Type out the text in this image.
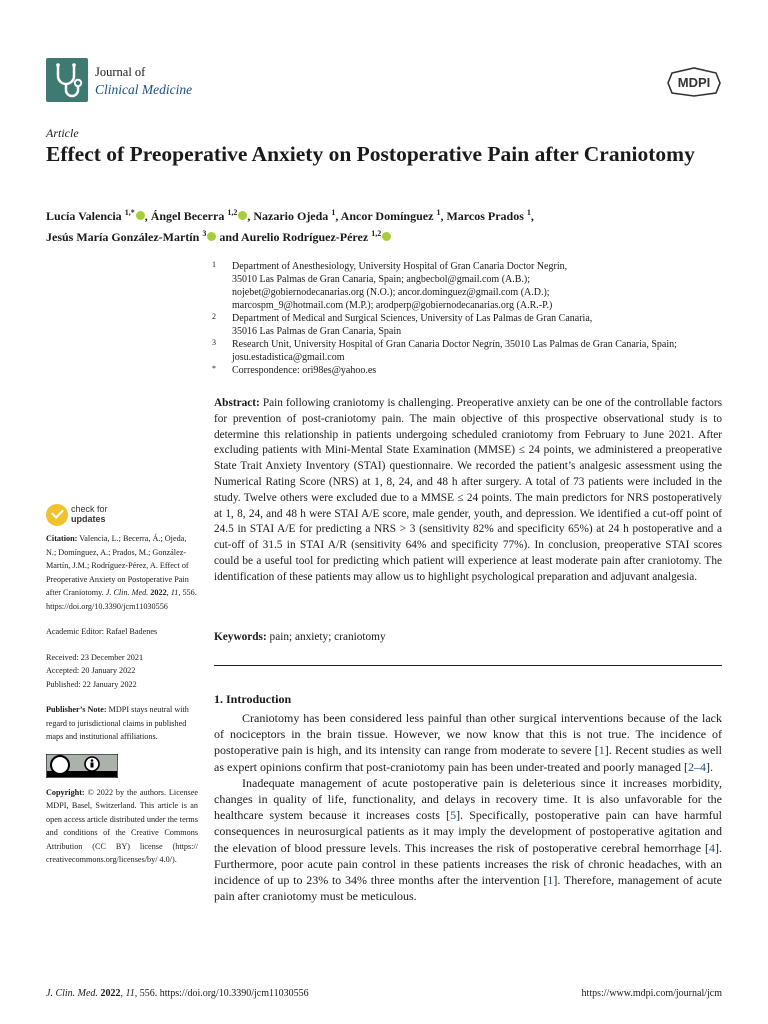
Journal of
Clinical Medicine	MDPI
Article
Effect of Preoperative Anxiety on Postoperative Pain after Craniotomy
Lucía Valencia $^{1,*}$ , Ángel Becerra $^{1,2}$ , Nazario Ojeda $^1$, Ancor Domínguez $^1$, Marcos Prados $^1$,
Jesús María González-Martín $^3$ and Aurelio Rodríguez-Pérez $^{1,2}$
1 Department of Anesthesiology, University Hospital of Gran Canaria Doctor Negrín,
35010 Las Palmas de Gran Canaria, Spain; angbecbol@gmail.com (A.B.);
nojebet@gobiernodecanarias.org (N.O.); ancor.dominguez@gmail.com (A.D.);
marcospm_9@hotmail.com (M.P.); arodperp@gobiernodecanarias.org (A.R.-P.)
2 Department of Medical and Surgical Sciences, University of Las Palmas de Gran Canaria,
35016 Las Palmas de Gran Canaria, Spain
3 Research Unit, University Hospital of Gran Canaria Doctor Negrín, 35010 Las Palmas de Gran Canaria, Spain;
josu.estadistica@gmail.com
* Correspondence: ori98es@yahoo.es
Abstract: Pain following craniotomy is challenging. Preoperative anxiety can be one of the controllable factors for prevention of post-craniotomy pain. The main objective of this prospective observational study is to determine this relationship in patients undergoing scheduled craniotomy from February to June 2021. After excluding patients with Mini-Mental State Examination (MMSE) ≤ 24 points, we administered a preoperative State Trait Anxiety Inventory (STAI) questionnaire. We recorded the patient’s analgesic assessment using the Numerical Rating Score (NRS) at 1, 8, 24, and 48 h after surgery. A total of 73 patients were included in the study. Twelve others were excluded due to a MMSE ≤ 24 points. The main predictors for NRS postoperatively at 1, 8, 24, and 48 h were STAI A/E score, male gender, youth, and depression. We identified a cut-off point of 24.5 in STAI A/E for predicting a NRS > 3 (sensitivity 82% and specificity 65%) at 24 h postoperative and a cut-off of 31.5 in STAI A/R (sensitivity 64% and specificity 77%). In conclusion, preoperative STAI scores could be a useful tool for predicting which patient will experience at least moderate pain after craniotomy. The identification of these patients may allow us to highlight psychological preparation and adjuvant analgesia.
Keywords: pain; anxiety; craniotomy
check for
updates

Citation: Valencia, L.; Becerra, Á.; Ojeda, N.; Domínguez, A.; Prados, M.; González-Martín, J.M.; Rodríguez-Pérez, A. Effect of Preoperative Anxiety on Postoperative Pain after Craniotomy. J. Clin. Med. 2022, 11, 556. https://doi.org/10.3390/jcm11030556

Academic Editor: Rafael Badenes

Received: 23 December 2021

Accepted: 20 January 2022

Published: 22 January 2022

Publisher’s Note: MDPI stays neutral with regard to jurisdictional claims in published maps and institutional affiliations.

Copyright: © 2022 by the authors. Licensee MDPI, Basel, Switzerland. This article is an open access article distributed under the terms and conditions of the Creative Commons Attribution (CC BY) license (https:// creativecommons.org/licenses/by/ 4.0/).

1. Introduction

Craniotomy has been considered less painful than other surgical interventions because of the lack of nociceptors in the brain tissue. However, we now know that this is not true. The incidence of postoperative pain is high, and its intensity can range from moderate to severe [1]. Recent studies as well as expert opinions confirm that post-craniotomy pain has been under-treated and poorly managed [2–4].

Inadequate management of acute postoperative pain is deleterious since it increases morbidity, changes in quality of life, functionality, and delays in recovery time. It is also unfavorable for the healthcare system because it increases costs [5]. Specifically, postoperative pain can have harmful consequences in neurosurgical patients as it may imply the development of postoperative agitation and the elevation of blood pressure levels. This increases the risk of postoperative cerebral hemorrhage [4]. Furthermore, poor acute pain control in these patients increases the risk of chronic headaches, with an incidence of up to 23% to 34% three months after the intervention [1]. Therefore, management of acute pain after craniotomy must be meticulous.

J. Clin. Med. 2022, 11, 556. https://doi.org/10.3390/jcm11030556	https://www.mdpi.com/journal/jcm
